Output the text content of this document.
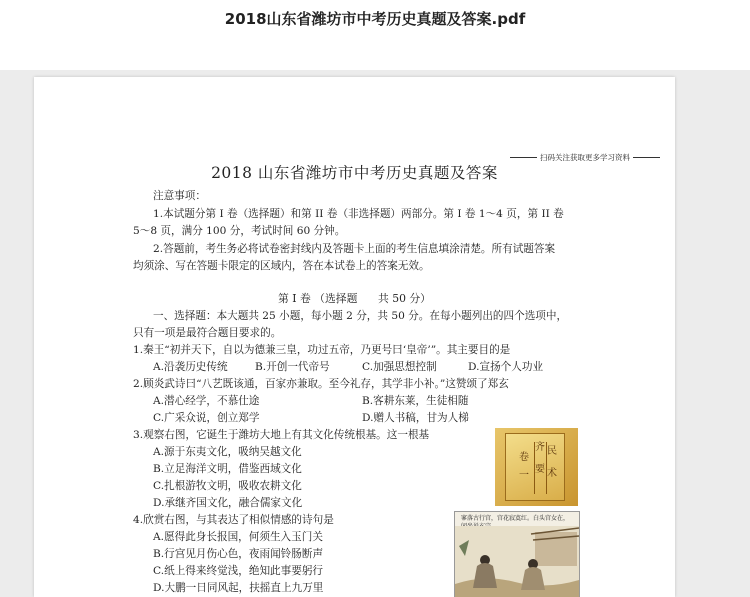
2018山东省潍坊市中考历史真题及答案.pdf
扫码关注获取更多学习资料
2018 山东省潍坊市中考历史真题及答案
注意事项：
1.本试题分第 I 卷（选择题）和第 II 卷（非选择题）两部分。第 I 卷 1～4 页，第 II 卷
5～8 页，满分 100 分，考试时间 60 分钟。
2.答题前，考生务必将试卷密封线内及答题卡上面的考生信息填涂清楚。所有试题答案
均须涂、写在答题卡限定的区域内，答在本试卷上的答案无效。
第 I 卷 （选择题      共 50 分）
一、选择题：本大题共 25 小题，每小题 2 分，共 50 分。在每小题列出的四个选项中，
只有一项是最符合题目要求的。
1.秦王“初并天下，自以为德兼三皇，功过五帝，乃更号曰‘皇帝’”。其主要目的是
A.沿袭历史传统	B.开创一代帝号	C.加强思想控制	D.宣扬个人功业
2.顾炎武诗曰“八艺既该通，百家亦兼取。至今礼存，其学非小补。”这赞颂了郑玄
A.潜心经学，不慕仕途	B.客耕东莱，生徒相随
C.广采众说，创立郑学	D.赠人书稿，甘为人梯
3.观察右图，它诞生于潍坊大地上有其文化传统根基。这一根基
A.源于东夷文化，吸纳吴越文化
B.立足海洋文明，借鉴西域文化
C.扎根游牧文明，吸收农耕文化
D.承继齐国文化，融合儒家文化
4.欣赏右图，与其表达了相似情感的诗句是
A.愿得此身长报国，何须生入玉门关
B.行宫见月伤心色，夜雨闻铃肠断声
C.纸上得来终觉浅，绝知此事要躬行
D.大鹏一日同风起，扶摇直上九万里
齐 民
要 术
卷
一
寥落古行宫，宫花寂寞红。白头宫女在，
